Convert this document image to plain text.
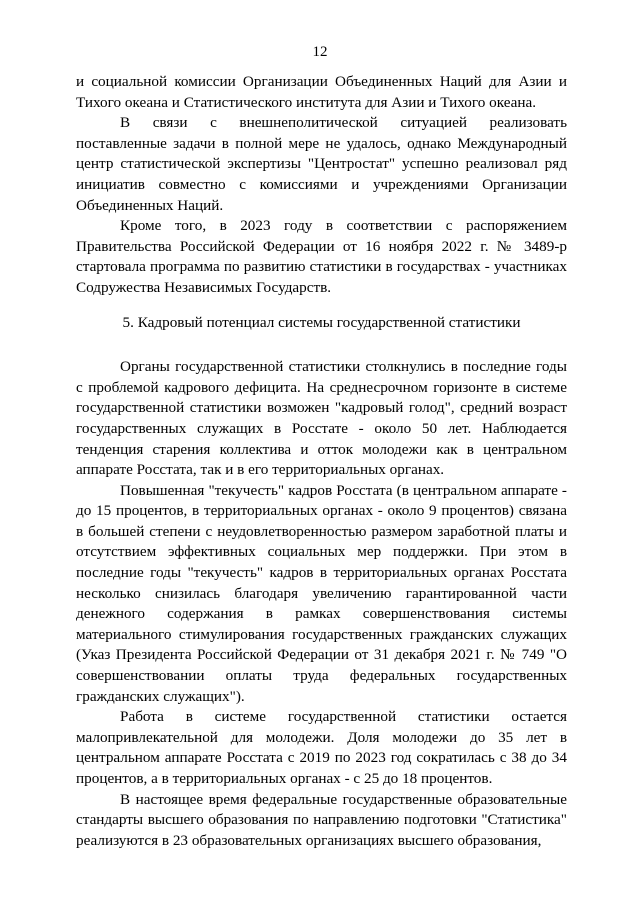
12

и социальной комиссии Организации Объединенных Наций для Азии и Тихого океана и Статистического института для Азии и Тихого океана.

В связи с внешнеполитической ситуацией реализовать поставленные задачи в полной мере не удалось, однако Международный центр статистической экспертизы "Центростат" успешно реализовал ряд инициатив совместно с комиссиями и учреждениями Организации Объединенных Наций.

Кроме того, в 2023 году в соответствии с распоряжением Правительства Российской Федерации от 16 ноября 2022 г. № 3489-р стартовала программа по развитию статистики в государствах - участниках Содружества Независимых Государств.

5. Кадровый потенциал системы государственной статистики

Органы государственной статистики столкнулись в последние годы с проблемой кадрового дефицита. На среднесрочном горизонте в системе государственной статистики возможен "кадровый голод", средний возраст государственных служащих в Росстате - около 50 лет. Наблюдается тенденция старения коллектива и отток молодежи как в центральном аппарате Росстата, так и в его территориальных органах.

Повышенная "текучесть" кадров Росстата (в центральном аппарате - до 15 процентов, в территориальных органах - около 9 процентов) связана в большей степени с неудовлетворенностью размером заработной платы и отсутствием эффективных социальных мер поддержки. При этом в последние годы "текучесть" кадров в территориальных органах Росстата несколько снизилась благодаря увеличению гарантированной части денежного содержания в рамках совершенствования системы материального стимулирования государственных гражданских служащих (Указ Президента Российской Федерации от 31 декабря 2021 г. № 749 "О совершенствовании оплаты труда федеральных государственных гражданских служащих").

Работа в системе государственной статистики остается малопривлекательной для молодежи. Доля молодежи до 35 лет в центральном аппарате Росстата с 2019 по 2023 год сократилась с 38 до 34 процентов, а в территориальных органах - с 25 до 18 процентов.

В настоящее время федеральные государственные образовательные стандарты высшего образования по направлению подготовки "Статистика" реализуются в 23 образовательных организациях высшего образования,
